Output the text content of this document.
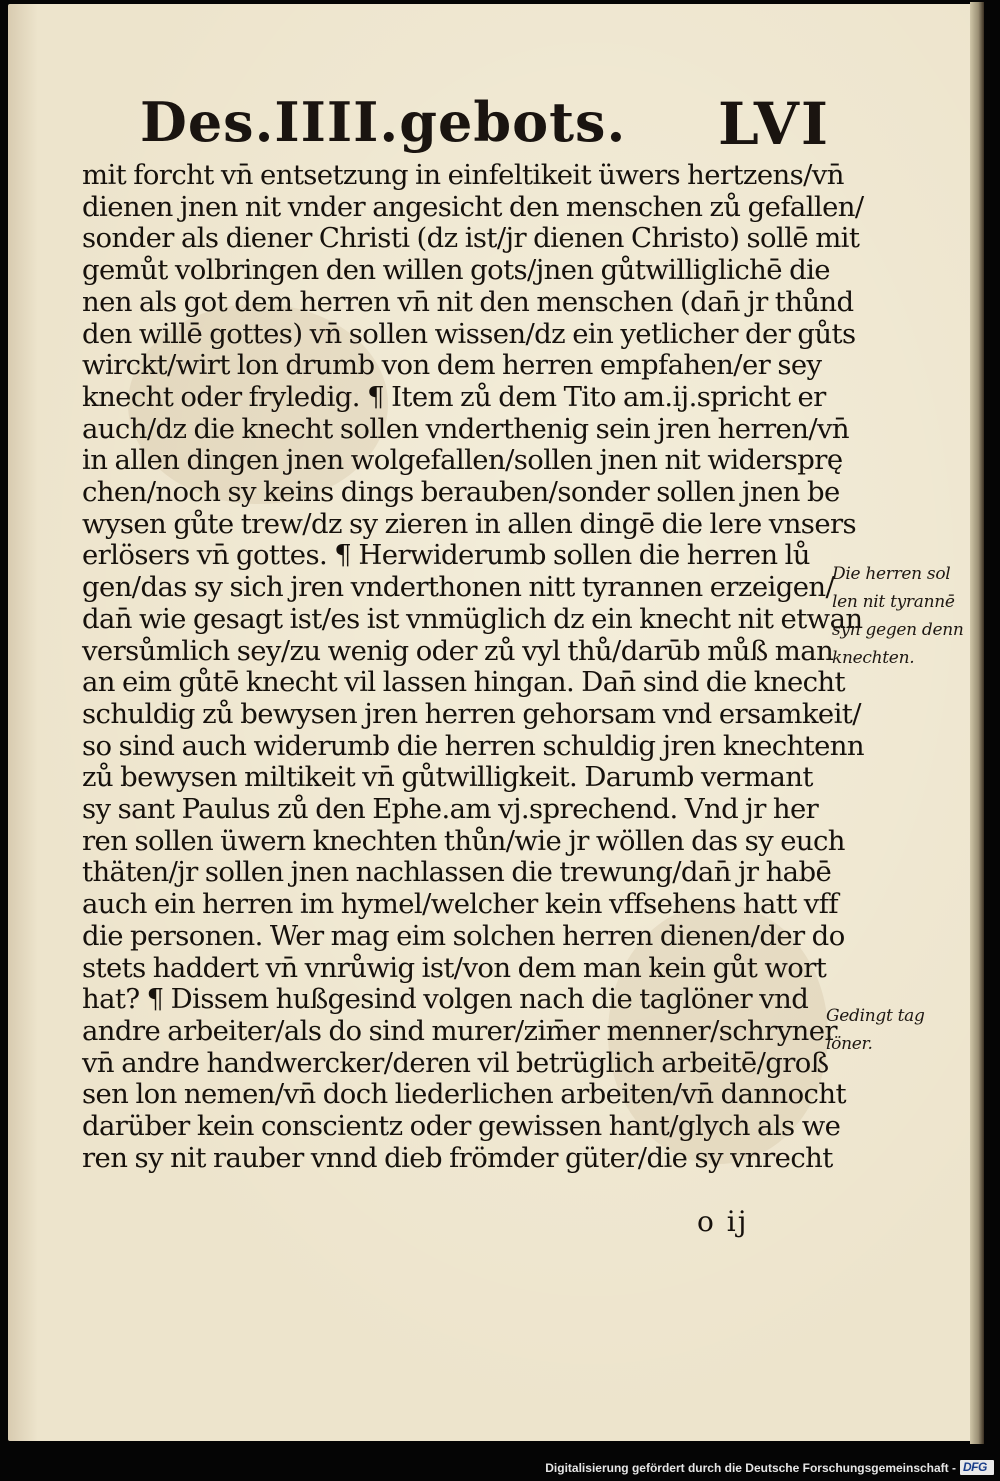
Des.IIII.gebots. LVI
mit forcht vn̄ entsetzung in einfeltikeit üwers hertzens/vn̄
dienen jnen nit vnder angesicht den menschen zů gefallen/
sonder als diener Christi (dz ist/jr dienen Christo) sollē mit
gemůt volbringen den willen gots/jnen gůtwilliglichē die
nen als got dem herren vn̄ nit den menschen (dan̄ jr thůnd
den willē gottes) vn̄ sollen wissen/dz ein yetlicher der gůts
wirckt/wirt lon drumb von dem herren empfahen/er sey
knecht oder fryledig. ¶ Item zů dem Tito am.ij.spricht er
auch/dz die knecht sollen vnderthenig sein jren herren/vn̄
in allen dingen jnen wolgefallen/sollen jnen nit widersprę
chen/noch sy keins dings berauben/sonder sollen jnen be
wysen gůte trew/dz sy zieren in allen dingē die lere vnsers
erlösers vn̄ gottes. ¶ Herwiderumb sollen die herren lů
gen/das sy sich jren vnderthonen nitt tyrannen erzeigen/
dan̄ wie gesagt ist/es ist vnmüglich dz ein knecht nit etwan
versůmlich sey/zu wenig oder zů vyl thů/darūb můß man
an eim gůtē knecht vil lassen hingan. Dan̄ sind die knecht
schuldig zů bewysen jren herren gehorsam vnd ersamkeit/
so sind auch widerumb die herren schuldig jren knechtenn
zů bewysen miltikeit vn̄ gůtwilligkeit. Darumb vermant
sy sant Paulus zů den Ephe.am vj.sprechend. Vnd jr her
ren sollen üwern knechten thůn/wie jr wöllen das sy euch
thäten/jr sollen jnen nachlassen die trewung/dan̄ jr habē
auch ein herren im hymel/welcher kein vffsehens hatt vff
die personen. Wer mag eim solchen herren dienen/der do
stets haddert vn̄ vnrůwig ist/von dem man kein gůt wort
hat? ¶ Dissem hußgesind volgen nach die taglöner vnd
andre arbeiter/als do sind murer/zim̄er menner/schryner
vn̄ andre handwercker/deren vil betrüglich arbeitē/groß
sen lon nemen/vn̄ doch liederlichen arbeiten/vn̄ dannocht
darüber kein conscientz oder gewissen hant/glych als we
ren sy nit rauber vnnd dieb frömder güter/die sy vnrecht
Die herren sol
len nit tyrannē
syn gegen denn
knechten.
Gedingt tag
löner.
o ij
Digitalisierung gefördert durch die Deutsche Forschungsgemeinschaft - DFG
